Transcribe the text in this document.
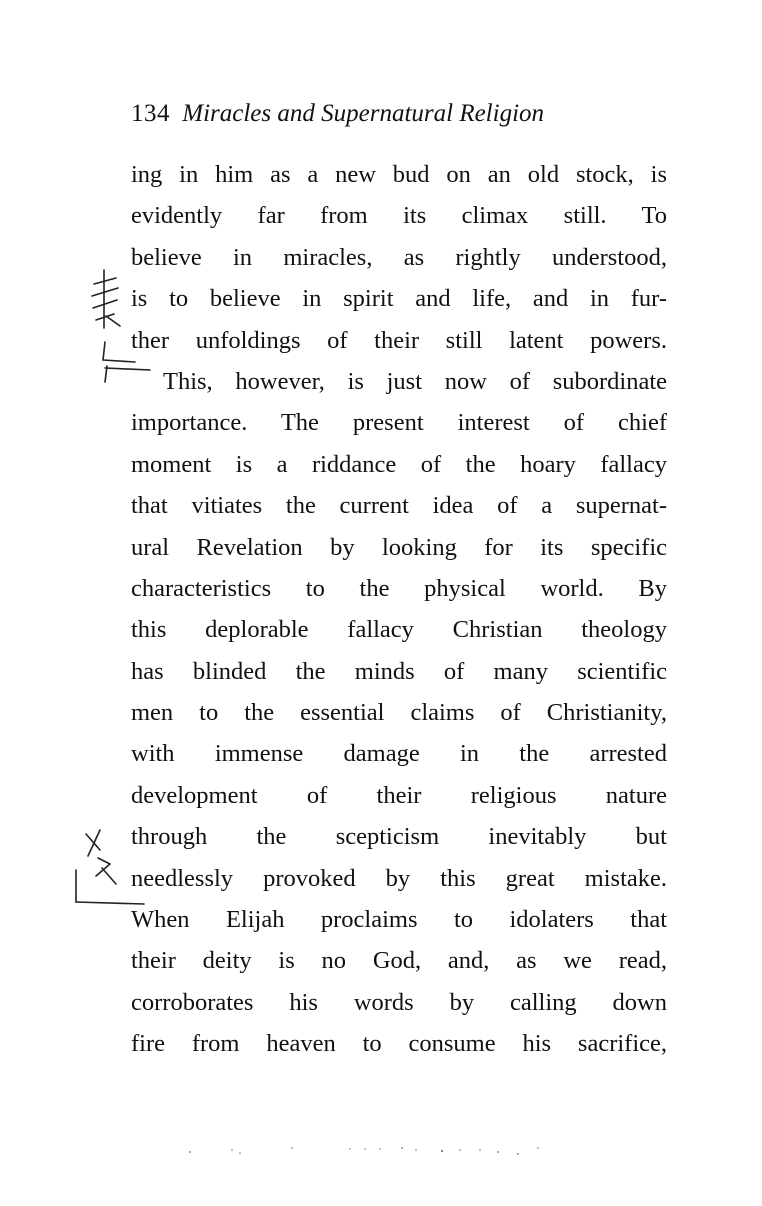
134 Miracles and Supernatural Religion
ing in him as a new bud on an old stock, is
evidently far from its climax still. To
believe in miracles, as rightly understood,
is to believe in spirit and life, and in fur-
ther unfoldings of their still latent powers.
This, however, is just now of subordinate
importance. The present interest of chief
moment is a riddance of the hoary fallacy
that vitiates the current idea of a supernat-
ural Revelation by looking for its specific
characteristics to the physical world. By
this deplorable fallacy Christian theology
has blinded the minds of many scientific
men to the essential claims of Christianity,
with immense damage in the arrested
development of their religious nature
through the scepticism inevitably but
needlessly provoked by this great mistake.
When Elijah proclaims to idolaters that
their deity is no God, and, as we read,
corroborates his words by calling down
fire from heaven to consume his sacrifice,
